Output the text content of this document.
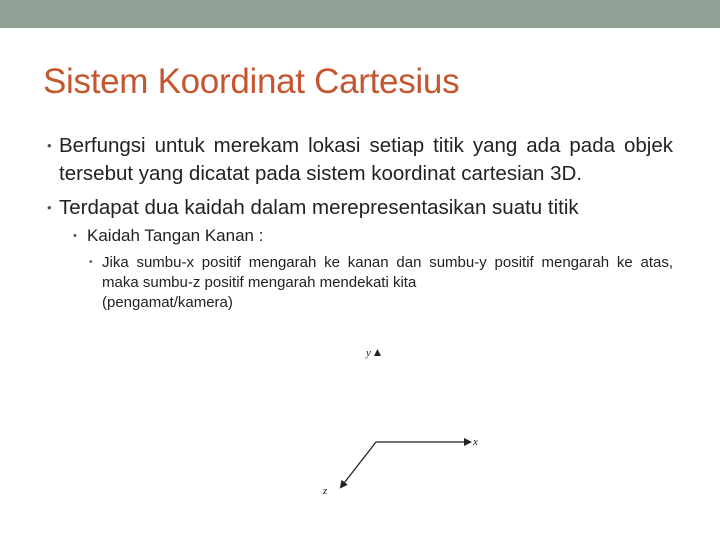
Sistem Koordinat Cartesius
• Berfungsi untuk merekam lokasi setiap titik yang ada pada objek tersebut yang dicatat pada sistem koordinat cartesian 3D.
• Terdapat dua kaidah dalam merepresentasikan suatu titik
• Kaidah Tangan Kanan :
• Jika sumbu-x positif mengarah ke kanan dan sumbu-y positif mengarah ke atas, maka sumbu-z positif mengarah mendekati kita
(pengamat/kamera)
y
x
z
